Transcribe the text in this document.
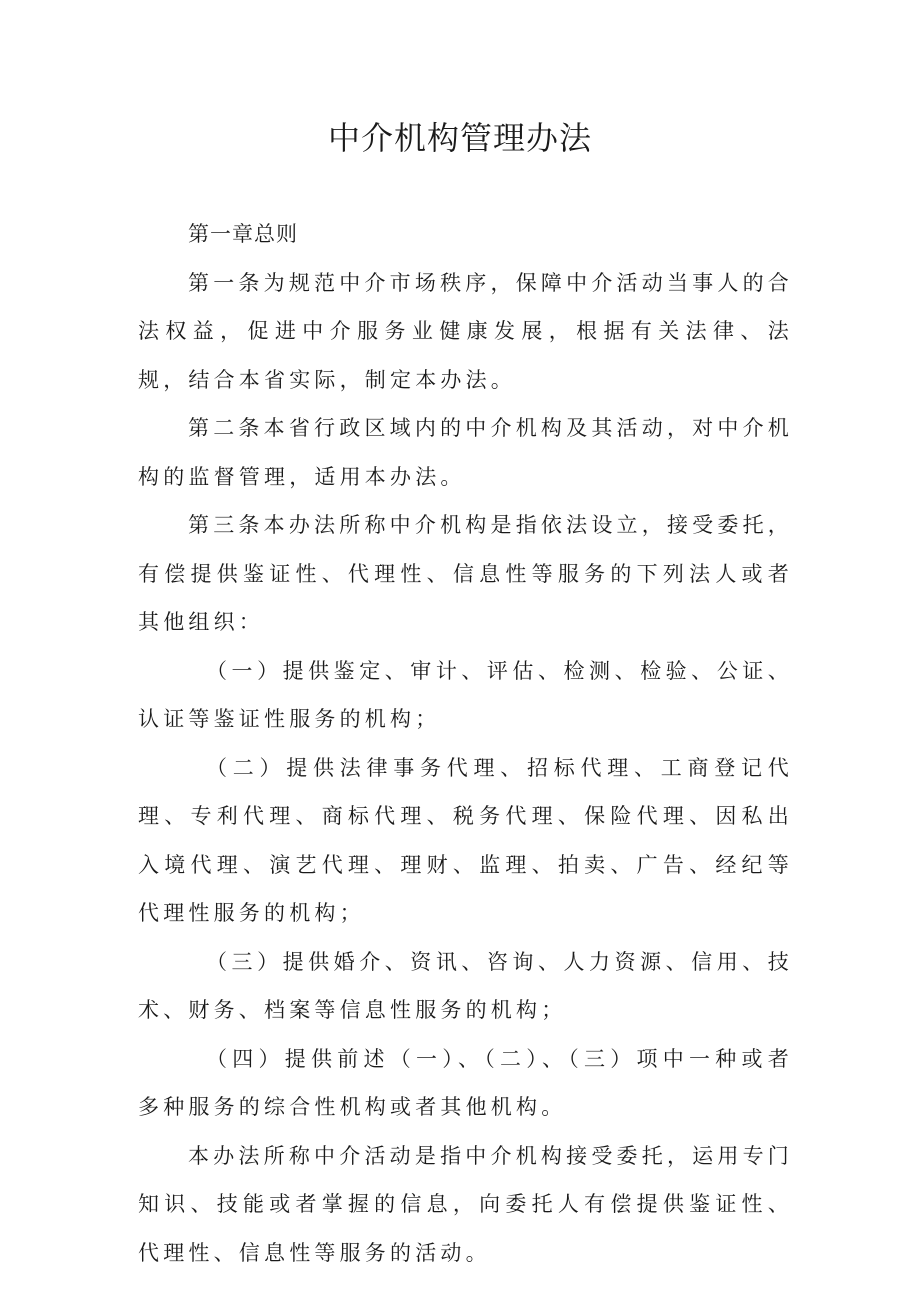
中介机构管理办法

第一章总则

第一条为规范中介市场秩序，保障中介活动当事人的合法权益，促进中介服务业健康发展，根据有关法律、法规，结合本省实际，制定本办法。

第二条本省行政区域内的中介机构及其活动，对中介机构的监督管理，适用本办法。

第三条本办法所称中介机构是指依法设立，接受委托，有偿提供鉴证性、代理性、信息性等服务的下列法人或者其他组织：

（一）提供鉴定、审计、评估、检测、检验、公证、认证等鉴证性服务的机构；

（二）提供法律事务代理、招标代理、工商登记代理、专利代理、商标代理、税务代理、保险代理、因私出入境代理、演艺代理、理财、监理、拍卖、广告、经纪等代理性服务的机构；

（三）提供婚介、资讯、咨询、人力资源、信用、技术、财务、档案等信息性服务的机构；

（四）提供前述（一）、（二）、（三）项中一种或者多种服务的综合性机构或者其他机构。

本办法所称中介活动是指中介机构接受委托，运用专门知识、技能或者掌握的信息，向委托人有偿提供鉴证性、代理性、信息性等服务的活动。
